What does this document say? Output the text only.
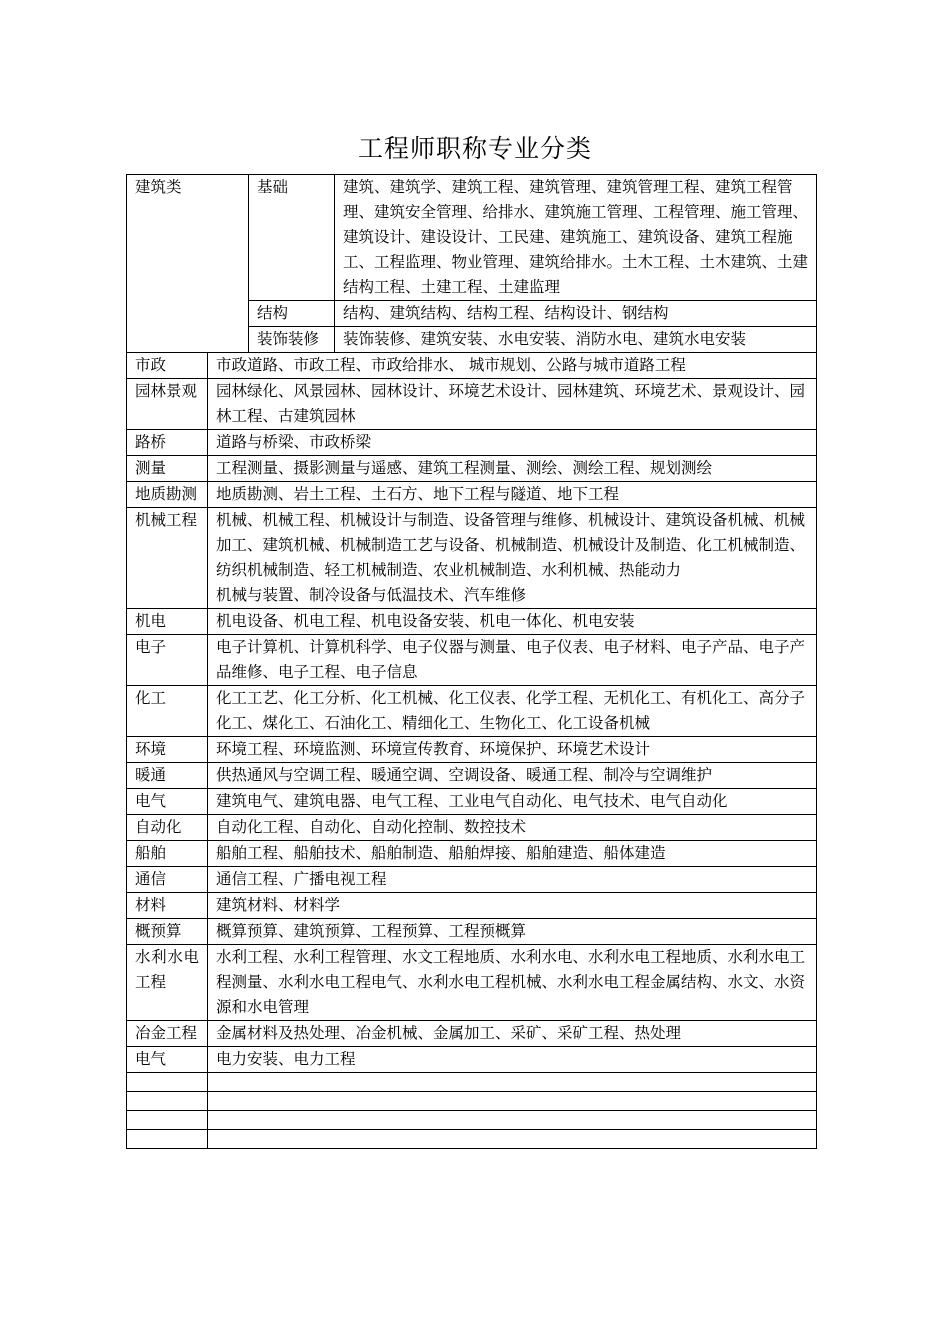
工程师职称专业分类
建筑类		基础	建筑、建筑学、建筑工程、建筑管理、建筑管理工程、建筑工程管理、建筑安全管理、给排水、建筑施工管理、工程管理、施工管理、建筑设计、建设设计、工民建、建筑施工、建筑设备、建筑工程施工、工程监理、物业管理、建筑给排水。土木工程、土木建筑、土建结构工程、土建工程、土建监理
		结构	结构、建筑结构、结构工程、结构设计、钢结构
		装饰装修	装饰装修、建筑安装、水电安装、消防水电、建筑水电安装
市政	市政道路、市政工程、市政给排水、 城市规划、公路与城市道路工程		
园林景观	园林绿化、风景园林、园林设计、环境艺术设计、园林建筑、环境艺术、景观设计、园林工程、古建筑园林		
路桥	道路与桥梁、市政桥梁		
测量	工程测量、摄影测量与遥感、建筑工程测量、测绘、测绘工程、规划测绘		
地质勘测	地质勘测、岩土工程、土石方、地下工程与隧道、地下工程		
机械工程	机械、机械工程、机械设计与制造、设备管理与维修、机械设计、建筑设备机械、机械加工、建筑机械、机械制造工艺与设备、机械制造、机械设计及制造、化工机械制造、纺织机械制造、轻工机械制造、农业机械制造、水利机械、热能动力
机械与装置、制冷设备与低温技术、汽车维修		

机电	机电设备、机电工程、机电设备安装、机电一体化、机电安装		
电子	电子计算机、计算机科学、电子仪器与测量、电子仪表、电子材料、电子产品、电子产品维修、电子工程、电子信息		
化工	化工工艺、化工分析、化工机械、化工仪表、化学工程、无机化工、有机化工、高分子化工、煤化工、石油化工、精细化工、生物化工、化工设备机械		
环境	环境工程、环境监测、环境宣传教育、环境保护、环境艺术设计		
暖通	供热通风与空调工程、暖通空调、空调设备、暖通工程、制冷与空调维护		
电气	建筑电气、建筑电器、电气工程、工业电气自动化、电气技术、电气自动化		
自动化	自动化工程、自动化、自动化控制、数控技术		
船舶	船舶工程、船舶技术、船舶制造、船舶焊接、船舶建造、船体建造		
通信	通信工程、广播电视工程		
材料	建筑材料、材料学		
概预算	概算预算、建筑预算、工程预算、工程预概算		
水利水电工程	水利工程、水利工程管理、水文工程地质、水利水电、水利水电工程地质、水利水电工程测量、水利水电工程电气、水利水电工程机械、水利水电工程金属结构、水文、水资源和水电管理		
冶金工程	金属材料及热处理、冶金机械、金属加工、采矿、采矿工程、热处理		
电气	电力安装、电力工程		
